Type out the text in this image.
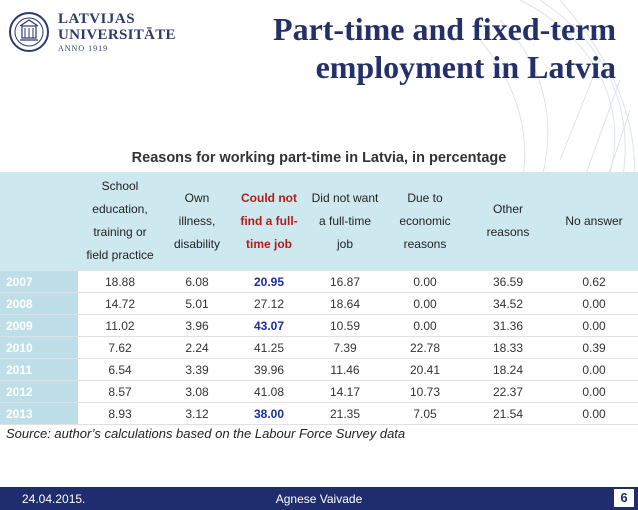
LATVIJAS
UNIVERSITĀTE
ANNO 1919
Part-time and fixed-term
employment in Latvia
Reasons for working part-time in Latvia, in percentage
	School education, training or field practice	Own illness, disability	Could not find a full-time job	Did not want a full-time job	Due to economic reasons	Other reasons	No answer
2007	18.88	6.08	20.95	16.87	0.00	36.59	0.62
2008	14.72	5.01	27.12	18.64	0.00	34.52	0.00
2009	11.02	3.96	43.07	10.59	0.00	31.36	0.00
2010	7.62	2.24	41.25	7.39	22.78	18.33	0.39
2011	6.54	3.39	39.96	11.46	20.41	18.24	0.00
2012	8.57	3.08	41.08	14.17	10.73	22.37	0.00
2013	8.93	3.12	38.00	21.35	7.05	21.54	0.00
Source: author’s calculations based on the Labour Force Survey data
24.04.2015.	Agnese Vaivade	6
